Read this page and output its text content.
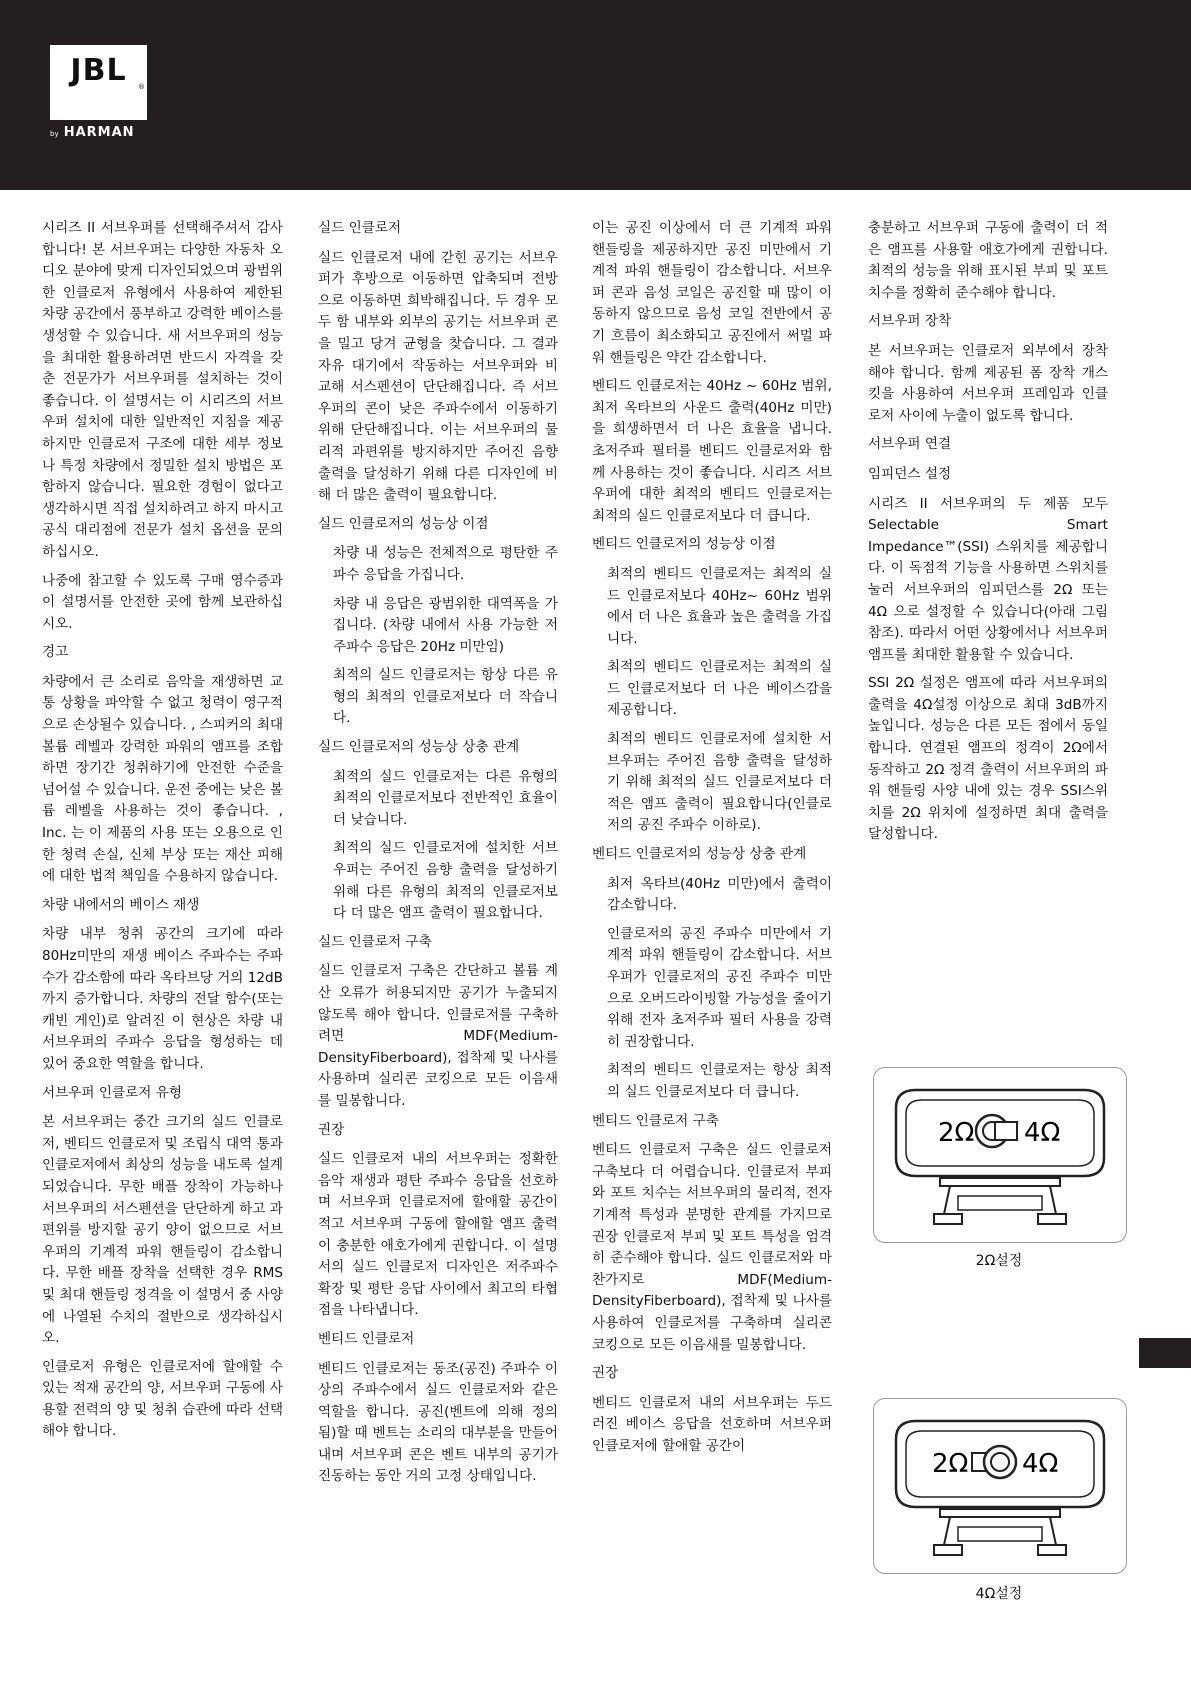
JBL	®
by HARMAN

시리즈 II 서브우퍼를 선택해주셔서 감사합니다! 본 서브우퍼는 다양한 자동차 오디오 분야에 맞게 디자인되었으며 광범위한 인클로저 유형에서 사용하여 제한된 차량 공간에서 풍부하고 강력한 베이스를 생성할 수 있습니다. 새 서브우퍼의 성능을 최대한 활용하려면 반드시 자격을 갖춘 전문가가 서브우퍼를 설치하는 것이 좋습니다. 이 설명서는 이 시리즈의 서브우퍼 설치에 대한 일반적인 지침을 제공하지만 인클로저 구조에 대한 세부 정보나 특정 차량에서 정밀한 설치 방법은 포함하지 않습니다. 필요한 경험이 없다고 생각하시면 직접 설치하려고 하지 마시고 공식 대리점에 전문가 설치 옵션을 문의하십시오.

나중에 참고할 수 있도록 구매 영수증과 이 설명서를 안전한 곳에 함께 보관하십시오.

경고

차량에서 큰 소리로 음악을 재생하면 교통 상황을 파악할 수 없고 청력이 영구적으로 손상될수 있습니다. , 스피커의 최대 볼륨 레벨과 강력한 파워의 앰프를 조합하면 장기간 청취하기에 안전한 수준을 넘어설 수 있습니다. 운전 중에는 낮은 볼륨 레벨을 사용하는 것이 좋습니다. , Inc. 는 이 제품의 사용 또는 오용으로 인한 청력 손실, 신체 부상 또는 재산 피해에 대한 법적 책임을 수용하지 않습니다.

차량 내에서의 베이스 재생

차량 내부 청취 공간의 크기에 따라 80Hz미만의 재생 베이스 주파수는 주파수가 감소함에 따라 옥타브당 거의 12dB까지 증가합니다. 차량의 전달 함수(또는 캐빈 게인)로 알려진 이 현상은 차량 내 서브우퍼의 주파수 응답을 형성하는 데 있어 중요한 역할을 합니다.

서브우퍼 인클로저 유형

본 서브우퍼는 중간 크기의 실드 인클로저, 벤티드 인클로저 및 조립식 대역 통과 인클로저에서 최상의 성능을 내도록 설계되었습니다. 무한 배플 장착이 가능하나 서브우퍼의 서스펜션을 단단하게 하고 과편위를 방지할 공기 양이 없으므로 서브우퍼의 기계적 파워 핸들링이 감소합니다. 무한 배플 장착을 선택한 경우 RMS 및 최대 핸들링 정격을 이 설명서 중 사양에 나열된 수치의 절반으로 생각하십시오.

인클로저 유형은 인클로저에 할애할 수 있는 적재 공간의 양, 서브우퍼 구동에 사용할 전력의 양 및 청취 습관에 따라 선택해야 합니다.

실드 인클로저

실드 인클로저 내에 갇힌 공기는 서브우퍼가 후방으로 이동하면 압축되며 전방으로 이동하면 희박해집니다. 두 경우 모두 함 내부와 외부의 공기는 서브우퍼 콘을 밀고 당겨 균형을 찾습니다. 그 결과 자유 대기에서 작동하는 서브우퍼와 비교해 서스펜션이 단단해집니다. 즉 서브우퍼의 콘이 낮은 주파수에서 이동하기 위해 단단해집니다. 이는 서브우퍼의 물리적 과편위를 방지하지만 주어진 음향 출력을 달성하기 위해 다른 디자인에 비해 더 많은 출력이 필요합니다.

실드 인클로저의 성능상 이점

차량 내 성능은 전체적으로 평탄한 주파수 응답을 가집니다.

차량 내 응답은 광범위한 대역폭을 가집니다. (차량 내에서 사용 가능한 저주파수 응답은 20Hz 미만임)

최적의 실드 인클로저는 항상 다른 유형의 최적의 인클로저보다 더 작습니다.

실드 인클로저의 성능상 상충 관계

최적의 실드 인클로저는 다른 유형의 최적의 인클로저보다 전반적인 효율이 더 낮습니다.

최적의 실드 인클로저에 설치한 서브우퍼는 주어진 음향 출력을 달성하기 위해 다른 유형의 최적의 인클로저보다 더 많은 앰프 출력이 필요합니다.

실드 인클로저 구축

실드 인클로저 구축은 간단하고 볼륨 계산 오류가 허용되지만 공기가 누출되지 않도록 해야 합니다. 인클로저를 구축하려면 MDF(Medium-DensityFiberboard), 접착제 및 나사를 사용하며 실리콘 코킹으로 모든 이음새를 밀봉합니다.

권장

실드 인클로저 내의 서브우퍼는 정확한 음악 재생과 평탄 주파수 응답을 선호하며 서브우퍼 인클로저에 할애할 공간이 적고 서브우퍼 구동에 할애할 앰프 출력이 충분한 애호가에게 권합니다. 이 설명서의 실드 인클로저 디자인은 저주파수 확장 및 평탄 응답 사이에서 최고의 타협점을 나타냅니다.

벤티드 인클로저

벤티드 인클로저는 동조(공진) 주파수 이상의 주파수에서 실드 인클로저와 같은 역할을 합니다. 공진(벤트에 의해 정의됨)할 때 벤트는 소리의 대부분을 만들어내며 서브우퍼 콘은 벤트 내부의 공기가 진동하는 동안 거의 고정 상태입니다.

이는 공진 이상에서 더 큰 기계적 파워 핸들링을 제공하지만 공진 미만에서 기계적 파워 핸들링이 감소합니다. 서브우퍼 콘과 음성 코일은 공진할 때 많이 이동하지 않으므로 음성 코일 전반에서 공기 흐름이 최소화되고 공진에서 써멀 파워 핸들링은 약간 감소합니다.

벤티드 인클로저는 40Hz ~ 60Hz 범위, 최저 옥타브의 사운드 출력(40Hz 미만)을 희생하면서 더 나은 효율을 냅니다. 초저주파 필터를 벤티드 인클로저와 함께 사용하는 것이 좋습니다. 시리즈 서브우퍼에 대한 최적의 벤티드 인클로저는 최적의 실드 인클로저보다 더 큽니다.

벤티드 인클로저의 성능상 이점

최적의 벤티드 인클로저는 최적의 실드 인클로저보다 40Hz~ 60Hz 범위에서 더 나은 효율과 높은 출력을 가집니다.

최적의 벤티드 인클로저는 최적의 실드 인클로저보다 더 나은 베이스감을 제공합니다.

최적의 벤티드 인클로저에 설치한 서브우퍼는 주어진 음향 출력을 달성하기 위해 최적의 실드 인클로저보다 더 적은 앰프 출력이 필요합니다(인클로저의 공진 주파수 이하로).

벤티드 인클로저의 성능상 상충 관계

최저 옥타브(40Hz 미만)에서 출력이 감소합니다.

인클로저의 공진 주파수 미만에서 기계적 파워 핸들링이 감소합니다. 서브우퍼가 인클로저의 공진 주파수 미만으로 오버드라이빙할 가능성을 줄이기 위해 전자 초저주파 필터 사용을 강력히 권장합니다.

최적의 벤티드 인클로저는 항상 최적의 실드 인클로저보다 더 큽니다.

벤티드 인클로저 구축

벤티드 인클로저 구축은 실드 인클로저 구축보다 더 어렵습니다. 인클로저 부피와 포트 치수는 서브우퍼의 물리적, 전자 기계적 특성과 분명한 관계를 가지므로 권장 인클로저 부피 및 포트 특성을 엄격히 준수해야 합니다. 실드 인클로저와 마찬가지로 MDF(Medium-DensityFiberboard), 접착제 및 나사를 사용하여 인클로저를 구축하며 실리콘 코킹으로 모든 이음새를 밀봉합니다.

권장

벤티드 인클로저 내의 서브우퍼는 두드러진 베이스 응답을 선호하며 서브우퍼 인클로저에 할애할 공간이

충분하고 서브우퍼 구동에 출력이 더 적은 앰프를 사용할 애호가에게 권합니다. 최적의 성능을 위해 표시된 부피 및 포트 치수를 정확히 준수해야 합니다.

서브우퍼 장착

본 서브우퍼는 인클로저 외부에서 장착해야 합니다. 함께 제공된 폼 장착 개스킷을 사용하여 서브우퍼 프레임과 인클로저 사이에 누출이 없도록 합니다.

서브우퍼 연결

임피던스 설정

시리즈 II 서브우퍼의 두 제품 모두 Selectable Smart Impedance™(SSI) 스위치를 제공합니다. 이 독점적 기능을 사용하면 스위치를 눌러 서브우퍼의 임피던스를 2Ω 또는 4Ω 으로 설정할 수 있습니다(아래 그림 참조). 따라서 어떤 상황에서나 서브우퍼 앰프를 최대한 활용할 수 있습니다.

SSI 2Ω 설정은 앰프에 따라 서브우퍼의 출력을 4Ω설정 이상으로 최대 3dB까지 높입니다. 성능은 다른 모든 점에서 동일합니다. 연결된 앰프의 정격이 2Ω에서 동작하고 2Ω 정격 출력이 서브우퍼의 파워 핸들링 사양 내에 있는 경우 SSI스위치를 2Ω 위치에 설정하면 최대 출력을 달성합니다.

2Ω 4Ω
2Ω설정
2Ω 4Ω
4Ω설정
